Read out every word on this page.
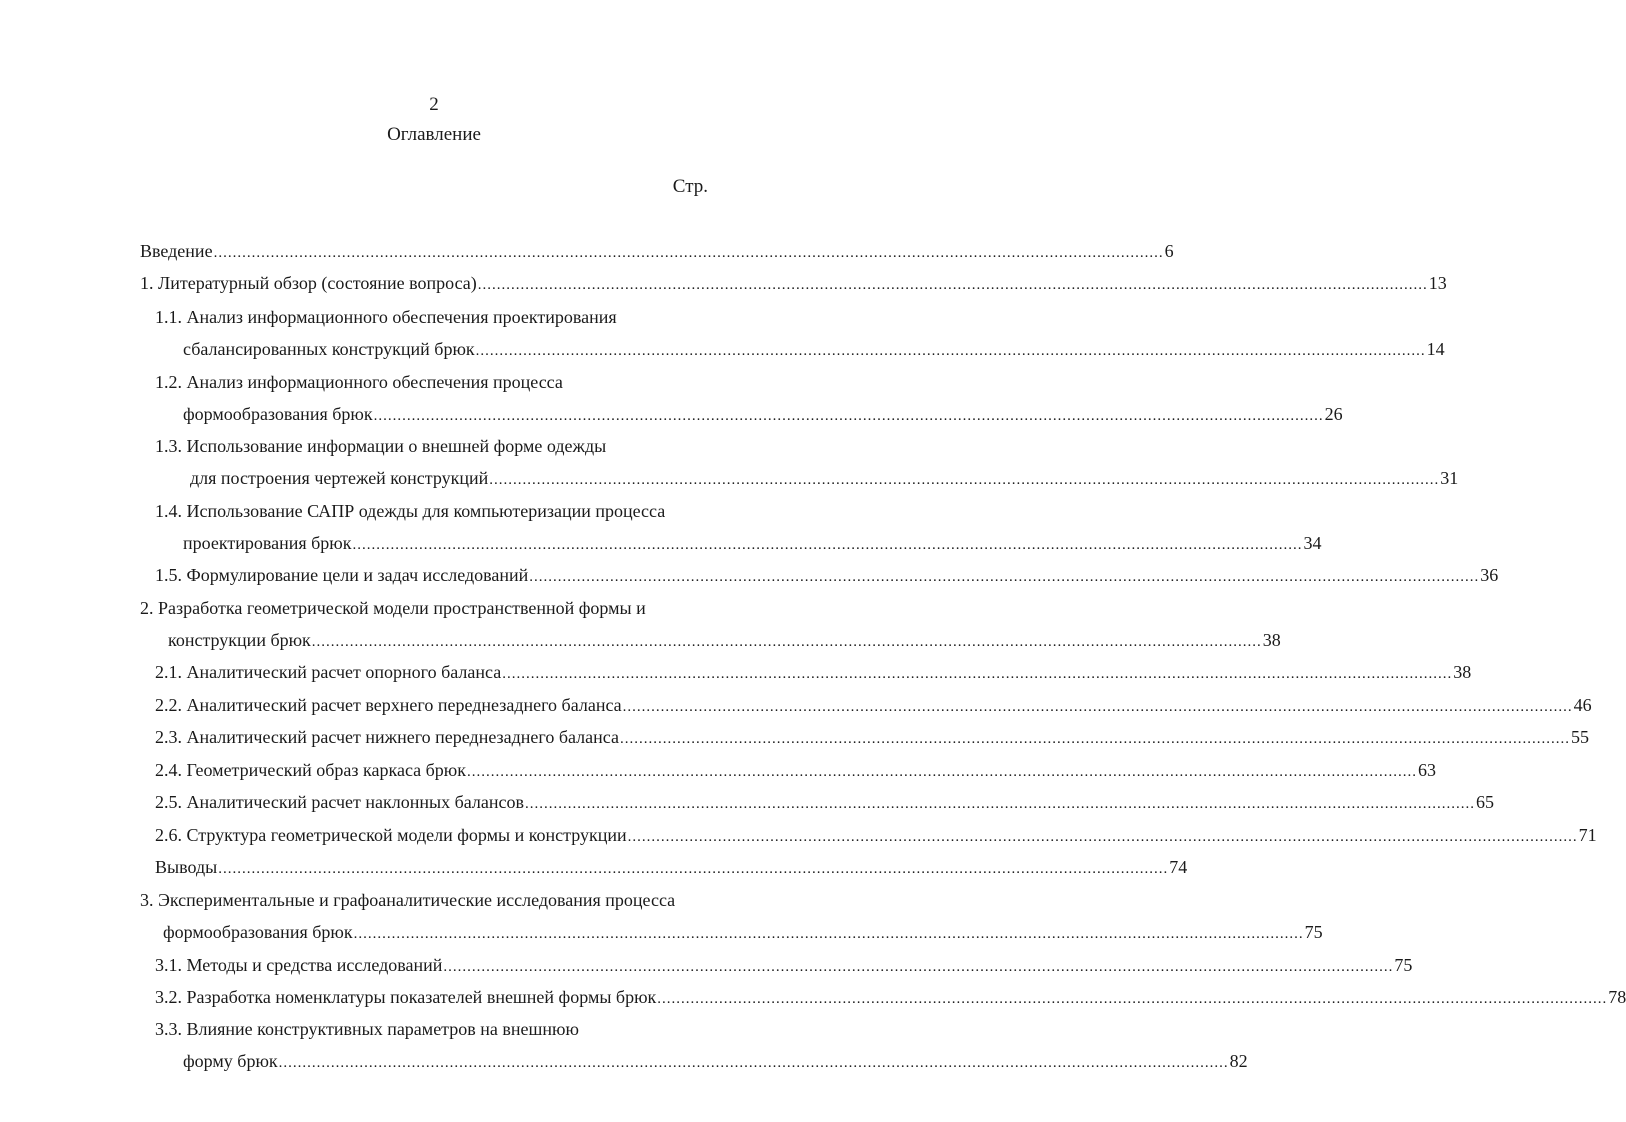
2
Оглавление
Стр.
Введение ........................................................................................................................................................................................................ 6
1. Литературный обзор (состояние вопроса) ........................................................................................................................................................................................................ 13
1.1. Анализ информационного обеспечения проектирования
сбалансированных конструкций брюк ........................................................................................................................................................................................................ 14
1.2. Анализ информационного обеспечения процесса
формообразования брюк ........................................................................................................................................................................................................ 26
1.3. Использование информации о внешней форме одежды
для построения чертежей конструкций ........................................................................................................................................................................................................ 31
1.4. Использование САПР одежды для компьютеризации процесса
проектирования брюк ........................................................................................................................................................................................................ 34
1.5. Формулирование цели и задач исследований ........................................................................................................................................................................................................ 36
2. Разработка геометрической модели пространственной формы и
конструкции брюк ........................................................................................................................................................................................................ 38
2.1. Аналитический расчет опорного баланса ........................................................................................................................................................................................................ 38
2.2. Аналитический расчет верхнего переднезаднего баланса ........................................................................................................................................................................................................ 46
2.3. Аналитический расчет нижнего переднезаднего баланса ........................................................................................................................................................................................................ 55
2.4. Геометрический образ каркаса брюк ........................................................................................................................................................................................................ 63
2.5. Аналитический расчет наклонных балансов ........................................................................................................................................................................................................ 65
2.6. Структура геометрической модели формы и конструкции ........................................................................................................................................................................................................ 71
Выводы ........................................................................................................................................................................................................ 74
3. Экспериментальные и графоаналитические исследования процесса
формообразования брюк ........................................................................................................................................................................................................ 75
3.1. Методы и средства исследований ........................................................................................................................................................................................................ 75
3.2. Разработка номенклатуры показателей внешней формы брюк ........................................................................................................................................................................................................ 78
3.3. Влияние конструктивных параметров на внешнюю
форму брюк ........................................................................................................................................................................................................ 82
